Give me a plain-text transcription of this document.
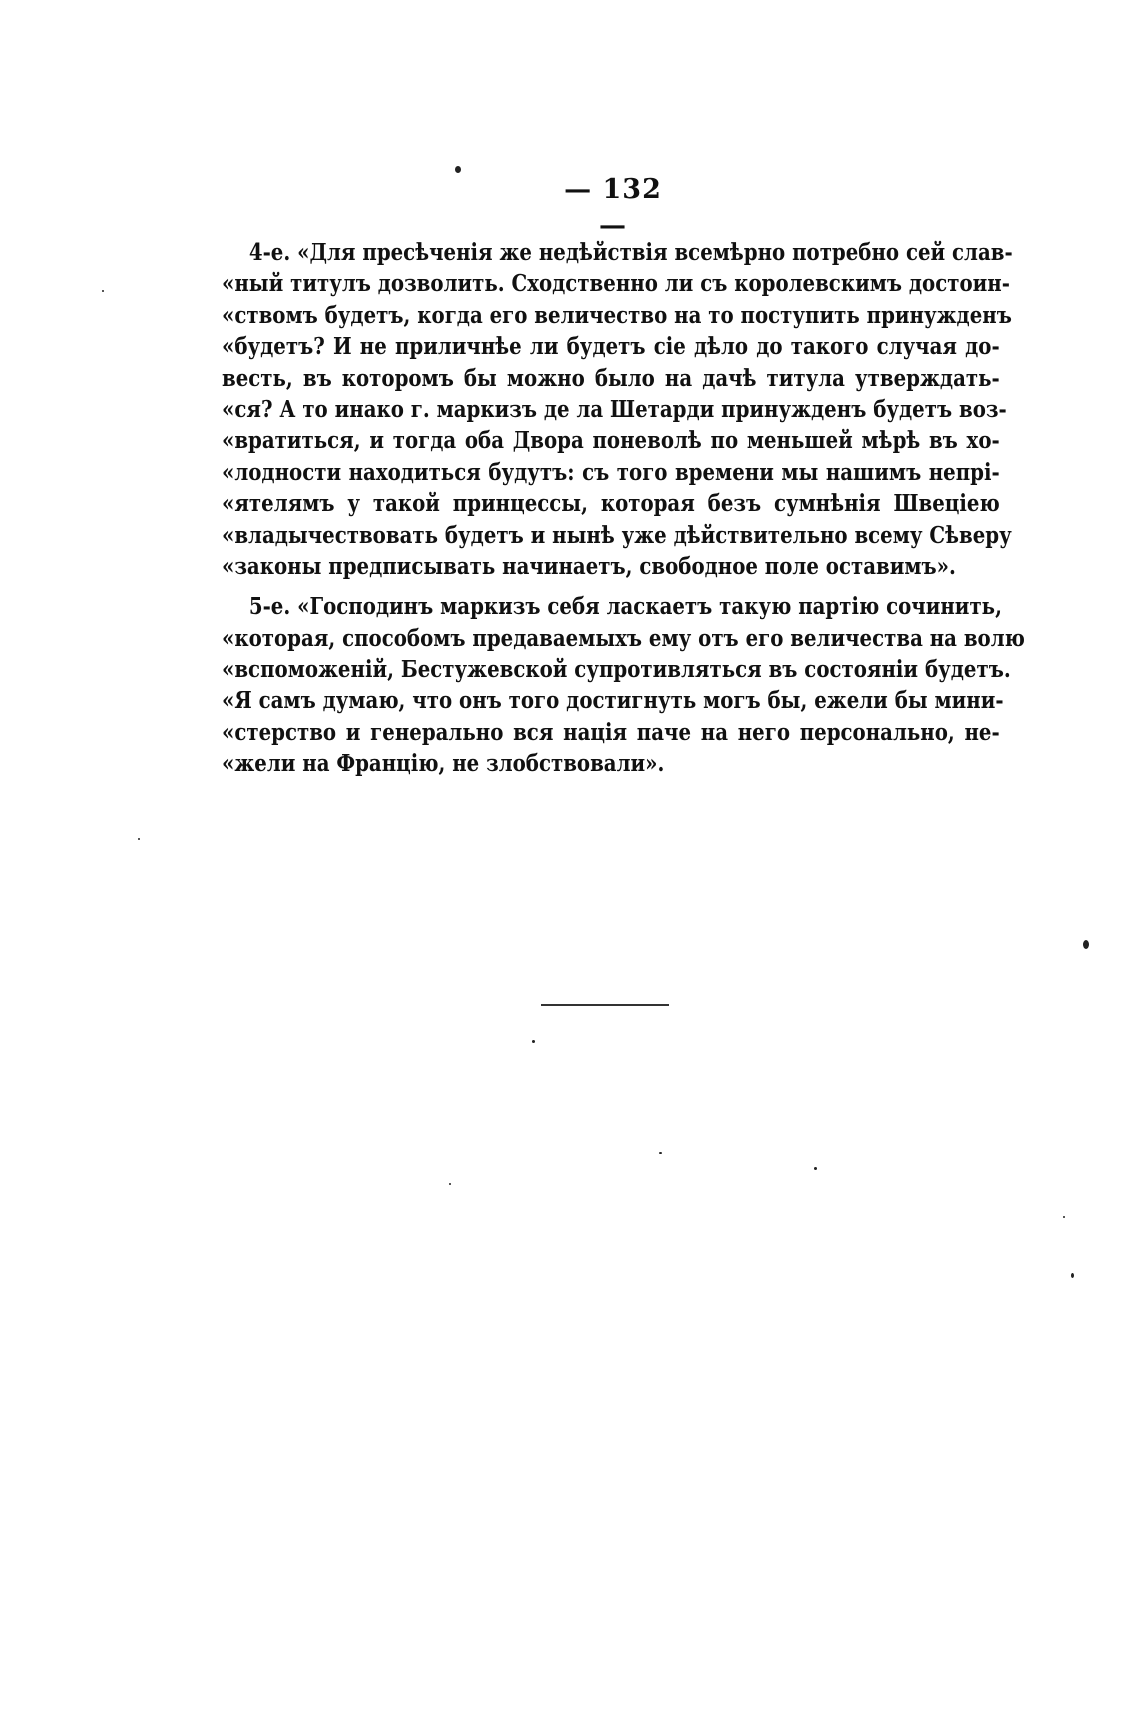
— 132 —
4-е. «Для пресѣченія же недѣйствія всемѣрно потребно сей слав-
«ный титулъ дозволить. Сходственно ли съ королевскимъ достоин-
«ствомъ будетъ, когда его величество на то поступить принужденъ
«будетъ? И не приличнѣе ли будетъ сіе дѣло до такого случая до-
весть, въ которомъ бы можно было на дачѣ титула утверждать-
«ся? А то инако г. маркизъ де ла Шетарди принужденъ будетъ воз-
«вратиться, и тогда оба Двора поневолѣ по меньшей мѣрѣ въ хо-
«лодности находиться будутъ: съ того времени мы нашимъ непрі-
«ятелямъ у такой принцессы, которая безъ сумнѣнія Швеціею
«владычествовать будетъ и нынѣ уже дѣйствительно всему Сѣверу
«законы предписывать начинаетъ, свободное поле оставимъ».
5-е. «Господинъ маркизъ себя ласкаетъ такую партію сочинить,
«которая, способомъ предаваемыхъ ему отъ его величества на волю
«вспоможеній, Бестужевской супротивляться въ состояніи будетъ.
«Я самъ думаю, что онъ того достигнуть могъ бы, ежели бы мини-
«стерство и генерально вся нація паче на него персонально, не-
«жели на Францію, не злобствовали».
